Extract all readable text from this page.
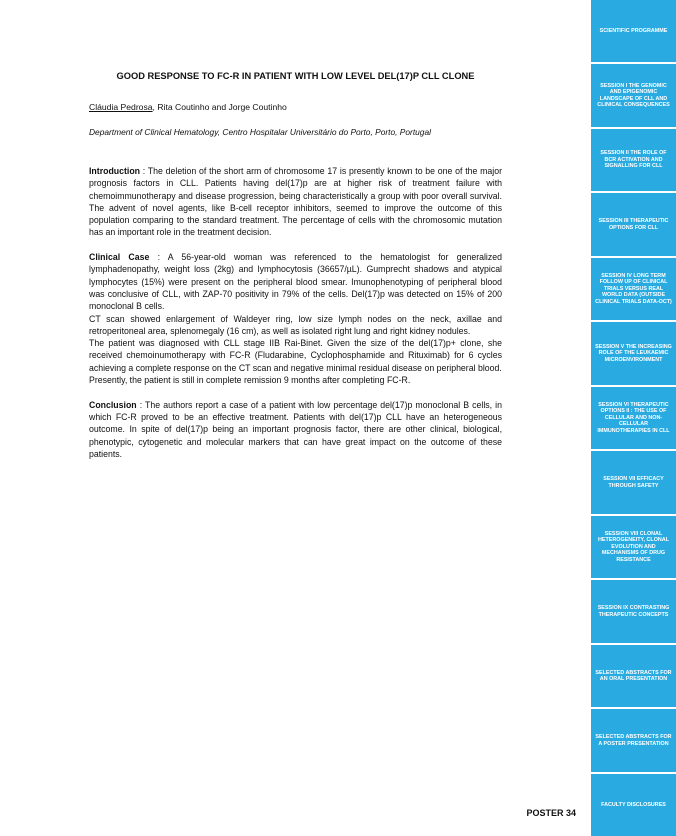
GOOD RESPONSE TO FC-R IN PATIENT WITH LOW LEVEL DEL(17)P CLL CLONE
Cláudia Pedrosa, Rita Coutinho and Jorge Coutinho
Department of Clinical Hematology, Centro Hospitalar Universitário do Porto, Porto, Portugal

Introduction : The deletion of the short arm of chromosome 17 is presently known to be one of the major prognosis factors in CLL. Patients having del(17)p are at higher risk of treatment failure with chemoimmunotherapy and disease progression, being characteristically a group with poor overall survival. The advent of novel agents, like B-cell receptor inhibitors, seemed to improve the outcome of this population comparing to the standard treatment. The percentage of cells with the chromosomic mutation has an important role in the treatment decision.

Clinical Case : A 56-year-old woman was referenced to the hematologist for generalized lymphadenopathy, weight loss (2kg) and lymphocytosis (36657/µL). Gumprecht shadows and atypical lymphocytes (15%) were present on the peripheral blood smear. Imunophenotyping of peripheral blood was conclusive of CLL, with ZAP-70 positivity in 79% of the cells. Del(17)p was detected on 15% of 200 monoclonal B cells.

CT scan showed enlargement of Waldeyer ring, low size lymph nodes on the neck, axillae and retroperitoneal area, splenomegaly (16 cm), as well as isolated right lung and right kidney nodules.

The patient was diagnosed with CLL stage IIB Rai-Binet. Given the size of the del(17)p+ clone, she received chemoinumotherapy with FC-R (Fludarabine, Cyclophosphamide and Rituximab) for 6 cycles achieving a complete response on the CT scan and negative minimal residual disease on peripheral blood.

Presently, the patient is still in complete remission 9 months after completing FC-R.

Conclusion : The authors report a case of a patient with low percentage del(17)p monoclonal B cells, in which FC-R proved to be an effective treatment. Patients with del(17)p CLL have an heterogeneous outcome. In spite of del(17)p being an important prognosis factor, there are other clinical, biological, phenotypic, cytogenetic and molecular markers that can have great impact on the outcome of these patients.

POSTER 34
SCIENTIFIC PROGRAMME
SESSION I THE GENOMIC AND EPIGENOMIC LANDSCAPE OF CLL AND CLINICAL CONSEQUENCES
SESSION II THE ROLE OF BCR ACTIVATION AND SIGNALLING FOR CLL
SESSION III THERAPEUTIC OPTIONS FOR CLL
SESSION IV LONG TERM FOLLOW UP OF CLINICAL TRIALS VERSUS REAL WORLD DATA (OUTSIDE CLINICAL TRIALS DATA-OCT)
SESSION V THE INCREASING ROLE OF THE LEUKAEMIC MICROENVIRONMENT
SESSION VI THERAPEUTIC OPTIONS II : THE USE OF CELLULAR AND NON-CELLULAR IMMUNOTHERAPIES IN CLL
SESSION VII EFFICACY THROUGH SAFETY
SESSION VIII CLONAL HETEROGENEITY, CLONAL EVOLUTION AND MECHANISMS OF DRUG RESISTANCE
SESSION IX CONTRASTING THERAPEUTIC CONCEPTS
SELECTED ABSTRACTS FOR AN ORAL PRESENTATION
SELECTED ABSTRACTS FOR A POSTER PRESENTATION
FACULTY DISCLOSURES
